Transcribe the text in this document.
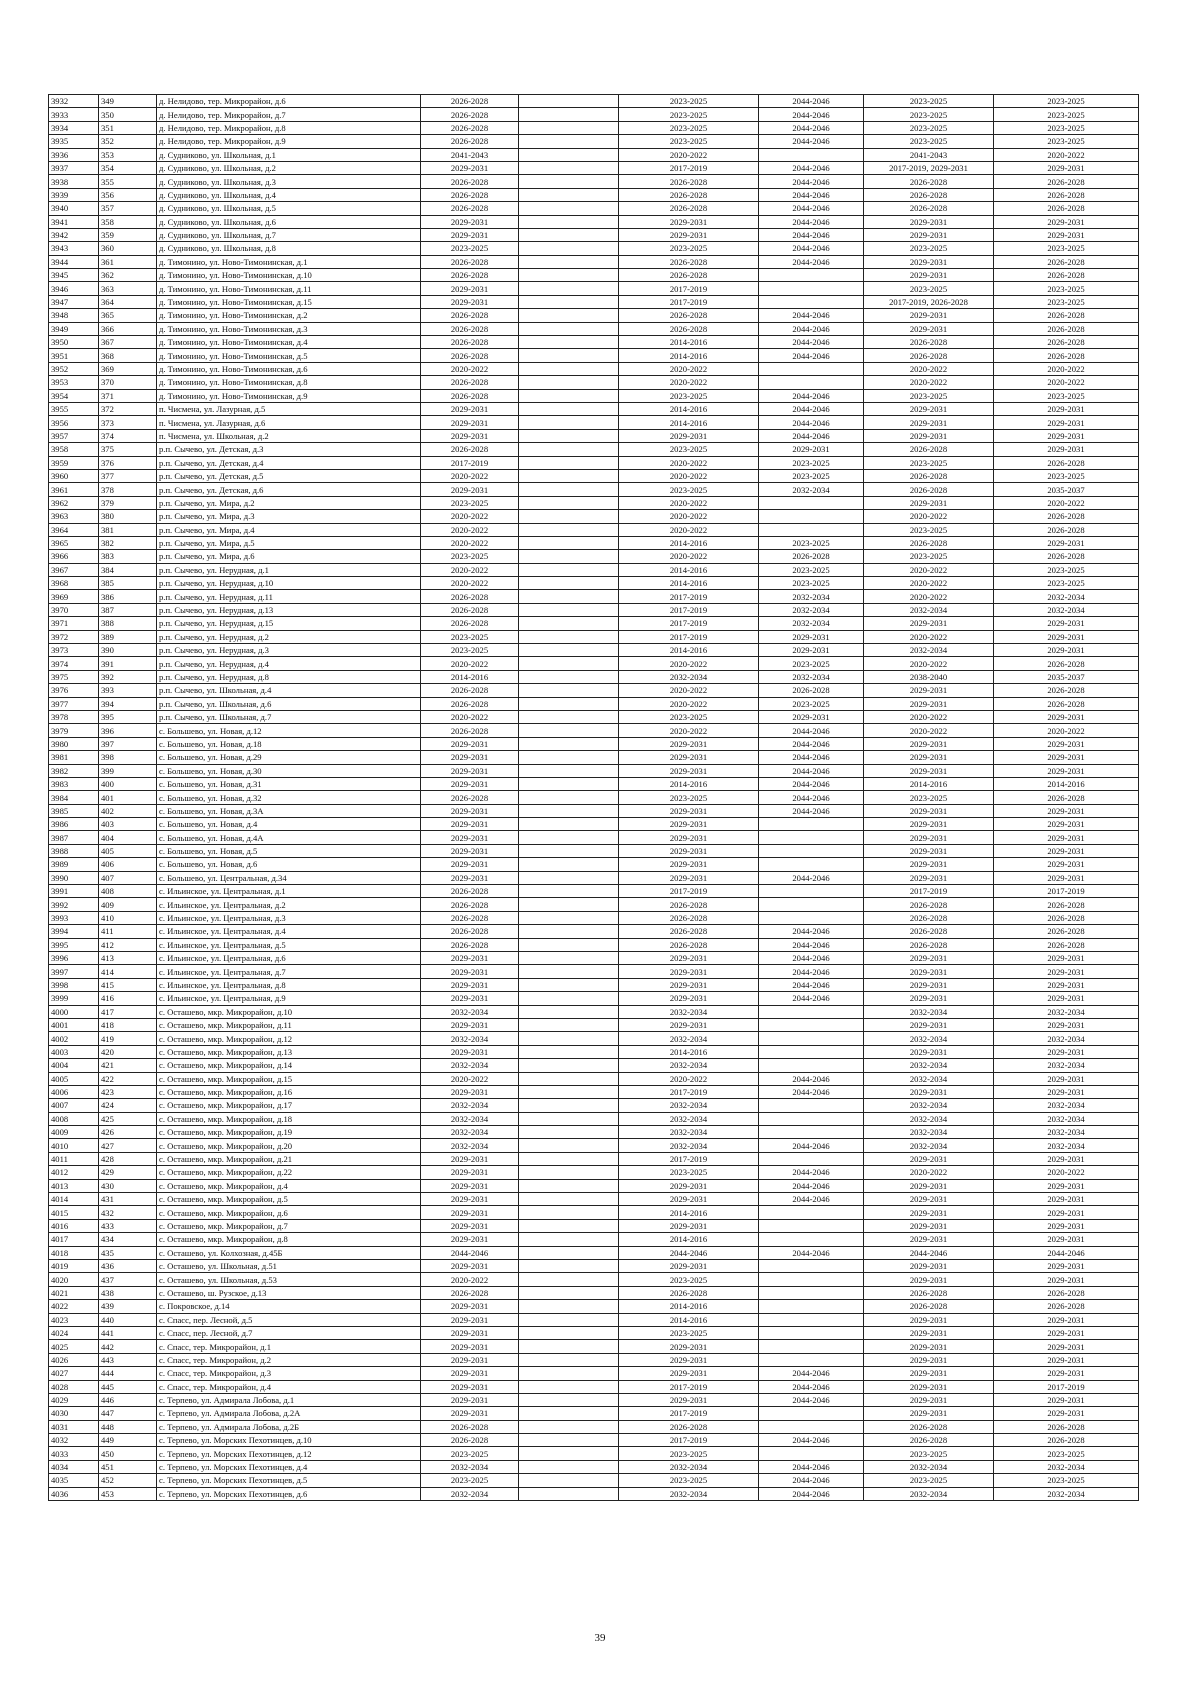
3932	349	д. Нелидово, тер. Микрорайон, д.6	2026-2028		2023-2025	2044-2046	2023-2025	2023-2025
3933	350	д. Нелидово, тер. Микрорайон, д.7	2026-2028		2023-2025	2044-2046	2023-2025	2023-2025
3934	351	д. Нелидово, тер. Микрорайон, д.8	2026-2028		2023-2025	2044-2046	2023-2025	2023-2025
3935	352	д. Нелидово, тер. Микрорайон, д.9	2026-2028		2023-2025	2044-2046	2023-2025	2023-2025
3936	353	д. Судниково, ул. Школьная, д.1	2041-2043		2020-2022		2041-2043	2020-2022
3937	354	д. Судниково, ул. Школьная, д.2	2029-2031		2017-2019	2044-2046	2017-2019, 2029-2031	2029-2031
3938	355	д. Судниково, ул. Школьная, д.3	2026-2028		2026-2028	2044-2046	2026-2028	2026-2028
3939	356	д. Судниково, ул. Школьная, д.4	2026-2028		2026-2028	2044-2046	2026-2028	2026-2028
3940	357	д. Судниково, ул. Школьная, д.5	2026-2028		2026-2028	2044-2046	2026-2028	2026-2028
3941	358	д. Судниково, ул. Школьная, д.6	2029-2031		2029-2031	2044-2046	2029-2031	2029-2031
3942	359	д. Судниково, ул. Школьная, д.7	2029-2031		2029-2031	2044-2046	2029-2031	2029-2031
3943	360	д. Судниково, ул. Школьная, д.8	2023-2025		2023-2025	2044-2046	2023-2025	2023-2025
3944	361	д. Тимонино, ул. Ново-Тимонинская, д.1	2026-2028		2026-2028	2044-2046	2029-2031	2026-2028
3945	362	д. Тимонино, ул. Ново-Тимонинская, д.10	2026-2028		2026-2028		2029-2031	2026-2028
3946	363	д. Тимонино, ул. Ново-Тимонинская, д.11	2029-2031		2017-2019		2023-2025	2023-2025
3947	364	д. Тимонино, ул. Ново-Тимонинская, д.15	2029-2031		2017-2019		2017-2019, 2026-2028	2023-2025
3948	365	д. Тимонино, ул. Ново-Тимонинская, д.2	2026-2028		2026-2028	2044-2046	2029-2031	2026-2028
3949	366	д. Тимонино, ул. Ново-Тимонинская, д.3	2026-2028		2026-2028	2044-2046	2029-2031	2026-2028
3950	367	д. Тимонино, ул. Ново-Тимонинская, д.4	2026-2028		2014-2016	2044-2046	2026-2028	2026-2028
3951	368	д. Тимонино, ул. Ново-Тимонинская, д.5	2026-2028		2014-2016	2044-2046	2026-2028	2026-2028
3952	369	д. Тимонино, ул. Ново-Тимонинская, д.6	2020-2022		2020-2022		2020-2022	2020-2022
3953	370	д. Тимонино, ул. Ново-Тимонинская, д.8	2026-2028		2020-2022		2020-2022	2020-2022
3954	371	д. Тимонино, ул. Ново-Тимонинская, д.9	2026-2028		2023-2025	2044-2046	2023-2025	2023-2025
3955	372	п. Чисмена, ул. Лазурная, д.5	2029-2031		2014-2016	2044-2046	2029-2031	2029-2031
3956	373	п. Чисмена, ул. Лазурная, д.6	2029-2031		2014-2016	2044-2046	2029-2031	2029-2031
3957	374	п. Чисмена, ул. Школьная, д.2	2029-2031		2029-2031	2044-2046	2029-2031	2029-2031
3958	375	р.п. Сычево, ул. Детская, д.3	2026-2028		2023-2025	2029-2031	2026-2028	2029-2031
3959	376	р.п. Сычево, ул. Детская, д.4	2017-2019		2020-2022	2023-2025	2023-2025	2026-2028
3960	377	р.п. Сычево, ул. Детская, д.5	2020-2022		2020-2022	2023-2025	2026-2028	2023-2025
3961	378	р.п. Сычево, ул. Детская, д.6	2029-2031		2023-2025	2032-2034	2026-2028	2035-2037
3962	379	р.п. Сычево, ул. Мира, д.2	2023-2025		2020-2022		2029-2031	2020-2022
3963	380	р.п. Сычево, ул. Мира, д.3	2020-2022		2020-2022		2020-2022	2026-2028
3964	381	р.п. Сычево, ул. Мира, д.4	2020-2022		2020-2022		2023-2025	2026-2028
3965	382	р.п. Сычево, ул. Мира, д.5	2020-2022		2014-2016	2023-2025	2026-2028	2029-2031
3966	383	р.п. Сычево, ул. Мира, д.6	2023-2025		2020-2022	2026-2028	2023-2025	2026-2028
3967	384	р.п. Сычево, ул. Нерудная, д.1	2020-2022		2014-2016	2023-2025	2020-2022	2023-2025
3968	385	р.п. Сычево, ул. Нерудная, д.10	2020-2022		2014-2016	2023-2025	2020-2022	2023-2025
3969	386	р.п. Сычево, ул. Нерудная, д.11	2026-2028		2017-2019	2032-2034	2020-2022	2032-2034
3970	387	р.п. Сычево, ул. Нерудная, д.13	2026-2028		2017-2019	2032-2034	2032-2034	2032-2034
3971	388	р.п. Сычево, ул. Нерудная, д.15	2026-2028		2017-2019	2032-2034	2029-2031	2029-2031
3972	389	р.п. Сычево, ул. Нерудная, д.2	2023-2025		2017-2019	2029-2031	2020-2022	2029-2031
3973	390	р.п. Сычево, ул. Нерудная, д.3	2023-2025		2014-2016	2029-2031	2032-2034	2029-2031
3974	391	р.п. Сычево, ул. Нерудная, д.4	2020-2022		2020-2022	2023-2025	2020-2022	2026-2028
3975	392	р.п. Сычево, ул. Нерудная, д.8	2014-2016		2032-2034	2032-2034	2038-2040	2035-2037
3976	393	р.п. Сычево, ул. Школьная, д.4	2026-2028		2020-2022	2026-2028	2029-2031	2026-2028
3977	394	р.п. Сычево, ул. Школьная, д.6	2026-2028		2020-2022	2023-2025	2029-2031	2026-2028
3978	395	р.п. Сычево, ул. Школьная, д.7	2020-2022		2023-2025	2029-2031	2020-2022	2029-2031
3979	396	с. Большево, ул. Новая, д.12	2026-2028		2020-2022	2044-2046	2020-2022	2020-2022
3980	397	с. Большево, ул. Новая, д.18	2029-2031		2029-2031	2044-2046	2029-2031	2029-2031
3981	398	с. Большево, ул. Новая, д.29	2029-2031		2029-2031	2044-2046	2029-2031	2029-2031
3982	399	с. Большево, ул. Новая, д.30	2029-2031		2029-2031	2044-2046	2029-2031	2029-2031
3983	400	с. Большево, ул. Новая, д.31	2029-2031		2014-2016	2044-2046	2014-2016	2014-2016
3984	401	с. Большево, ул. Новая, д.32	2026-2028		2023-2025	2044-2046	2023-2025	2026-2028
3985	402	с. Большево, ул. Новая, д.3А	2029-2031		2029-2031	2044-2046	2029-2031	2029-2031
3986	403	с. Большево, ул. Новая, д.4	2029-2031		2029-2031		2029-2031	2029-2031
3987	404	с. Большево, ул. Новая, д.4А	2029-2031		2029-2031		2029-2031	2029-2031
3988	405	с. Большево, ул. Новая, д.5	2029-2031		2029-2031		2029-2031	2029-2031
3989	406	с. Большево, ул. Новая, д.6	2029-2031		2029-2031		2029-2031	2029-2031
3990	407	с. Большево, ул. Центральная, д.34	2029-2031		2029-2031	2044-2046	2029-2031	2029-2031
3991	408	с. Ильинское, ул. Центральная, д.1	2026-2028		2017-2019		2017-2019	2017-2019
3992	409	с. Ильинское, ул. Центральная, д.2	2026-2028		2026-2028		2026-2028	2026-2028
3993	410	с. Ильинское, ул. Центральная, д.3	2026-2028		2026-2028		2026-2028	2026-2028
3994	411	с. Ильинское, ул. Центральная, д.4	2026-2028		2026-2028	2044-2046	2026-2028	2026-2028
3995	412	с. Ильинское, ул. Центральная, д.5	2026-2028		2026-2028	2044-2046	2026-2028	2026-2028
3996	413	с. Ильинское, ул. Центральная, д.6	2029-2031		2029-2031	2044-2046	2029-2031	2029-2031
3997	414	с. Ильинское, ул. Центральная, д.7	2029-2031		2029-2031	2044-2046	2029-2031	2029-2031
3998	415	с. Ильинское, ул. Центральная, д.8	2029-2031		2029-2031	2044-2046	2029-2031	2029-2031
3999	416	с. Ильинское, ул. Центральная, д.9	2029-2031		2029-2031	2044-2046	2029-2031	2029-2031
4000	417	с. Осташево, мкр. Микрорайон, д.10	2032-2034		2032-2034		2032-2034	2032-2034
4001	418	с. Осташево, мкр. Микрорайон, д.11	2029-2031		2029-2031		2029-2031	2029-2031
4002	419	с. Осташево, мкр. Микрорайон, д.12	2032-2034		2032-2034		2032-2034	2032-2034
4003	420	с. Осташево, мкр. Микрорайон, д.13	2029-2031		2014-2016		2029-2031	2029-2031
4004	421	с. Осташево, мкр. Микрорайон, д.14	2032-2034		2032-2034		2032-2034	2032-2034
4005	422	с. Осташево, мкр. Микрорайон, д.15	2020-2022		2020-2022	2044-2046	2032-2034	2029-2031
4006	423	с. Осташево, мкр. Микрорайон, д.16	2029-2031		2017-2019	2044-2046	2029-2031	2029-2031
4007	424	с. Осташево, мкр. Микрорайон, д.17	2032-2034		2032-2034		2032-2034	2032-2034
4008	425	с. Осташево, мкр. Микрорайон, д.18	2032-2034		2032-2034		2032-2034	2032-2034
4009	426	с. Осташево, мкр. Микрорайон, д.19	2032-2034		2032-2034		2032-2034	2032-2034
4010	427	с. Осташево, мкр. Микрорайон, д.20	2032-2034		2032-2034	2044-2046	2032-2034	2032-2034
4011	428	с. Осташево, мкр. Микрорайон, д.21	2029-2031		2017-2019		2029-2031	2029-2031
4012	429	с. Осташево, мкр. Микрорайон, д.22	2029-2031		2023-2025	2044-2046	2020-2022	2020-2022
4013	430	с. Осташево, мкр. Микрорайон, д.4	2029-2031		2029-2031	2044-2046	2029-2031	2029-2031
4014	431	с. Осташево, мкр. Микрорайон, д.5	2029-2031		2029-2031	2044-2046	2029-2031	2029-2031
4015	432	с. Осташево, мкр. Микрорайон, д.6	2029-2031		2014-2016		2029-2031	2029-2031
4016	433	с. Осташево, мкр. Микрорайон, д.7	2029-2031		2029-2031		2029-2031	2029-2031
4017	434	с. Осташево, мкр. Микрорайон, д.8	2029-2031		2014-2016		2029-2031	2029-2031
4018	435	с. Осташево, ул. Колхозная, д.45Б	2044-2046		2044-2046	2044-2046	2044-2046	2044-2046
4019	436	с. Осташево, ул. Школьная, д.51	2029-2031		2029-2031		2029-2031	2029-2031
4020	437	с. Осташево, ул. Школьная, д.53	2020-2022		2023-2025		2029-2031	2029-2031
4021	438	с. Осташево, ш. Рузское, д.13	2026-2028		2026-2028		2026-2028	2026-2028
4022	439	с. Покровское, д.14	2029-2031		2014-2016		2026-2028	2026-2028
4023	440	с. Спасс, пер. Лесной, д.5	2029-2031		2014-2016		2029-2031	2029-2031
4024	441	с. Спасс, пер. Лесной, д.7	2029-2031		2023-2025		2029-2031	2029-2031
4025	442	с. Спасс, тер. Микрорайон, д.1	2029-2031		2029-2031		2029-2031	2029-2031
4026	443	с. Спасс, тер. Микрорайон, д.2	2029-2031		2029-2031		2029-2031	2029-2031
4027	444	с. Спасс, тер. Микрорайон, д.3	2029-2031		2029-2031	2044-2046	2029-2031	2029-2031
4028	445	с. Спасс, тер. Микрорайон, д.4	2029-2031		2017-2019	2044-2046	2029-2031	2017-2019
4029	446	с. Терпево, ул. Адмирала Лобова, д.1	2029-2031		2029-2031	2044-2046	2029-2031	2029-2031
4030	447	с. Терпево, ул. Адмирала Лобова, д.2А	2029-2031		2017-2019		2029-2031	2029-2031
4031	448	с. Терпево, ул. Адмирала Лобова, д.2Б	2026-2028		2026-2028		2026-2028	2026-2028
4032	449	с. Терпево, ул. Морских Пехотинцев, д.10	2026-2028		2017-2019	2044-2046	2026-2028	2026-2028
4033	450	с. Терпево, ул. Морских Пехотинцев, д.12	2023-2025		2023-2025		2023-2025	2023-2025
4034	451	с. Терпево, ул. Морских Пехотинцев, д.4	2032-2034		2032-2034	2044-2046	2032-2034	2032-2034
4035	452	с. Терпево, ул. Морских Пехотинцев, д.5	2023-2025		2023-2025	2044-2046	2023-2025	2023-2025
4036	453	с. Терпево, ул. Морских Пехотинцев, д.6	2032-2034		2032-2034	2044-2046	2032-2034	2032-2034
39
